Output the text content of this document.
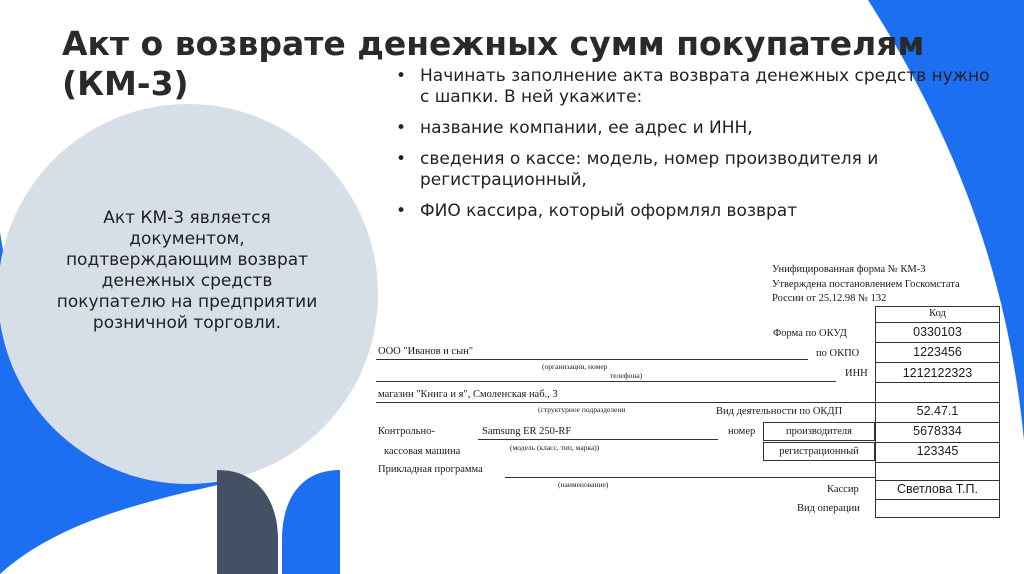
Акт о возврате денежных сумм покупателям
(КМ-3)
Акт КМ-3 является документом, подтверждающим возврат денежных средств покупателю на предприятии розничной торговли.
• Начинать заполнение акта возврата денежных средств нужно с шапки. В ней укажите:
• название компании, ее адрес и ИНН,
• сведения о кассе: модель, номер производителя и регистрационный,
• ФИО кассира, который оформлял возврат
Унифицированная форма № КМ-3
Утверждена постановлением Госкомстата
России от 25.12.98 № 132
Код
0330103
1223456
1212122323
52.47.1
5678334
123345
Светлова Т.П.
Форма по ОКУД
по ОКПО
ИНН
Вид деятельности по ОКДП
номер	производителя
регистрационный
Кассир
Вид операции
ООО "Иванов и сын"
(организация, номер
телефона)
магазин "Книга и я", Смоленская наб., 3
(структурное подразделени
Контрольно-
кассовая машина
Samsung ER 250-RF
(модель (класс, тип, марка))
Прикладная программа
(наименование)
